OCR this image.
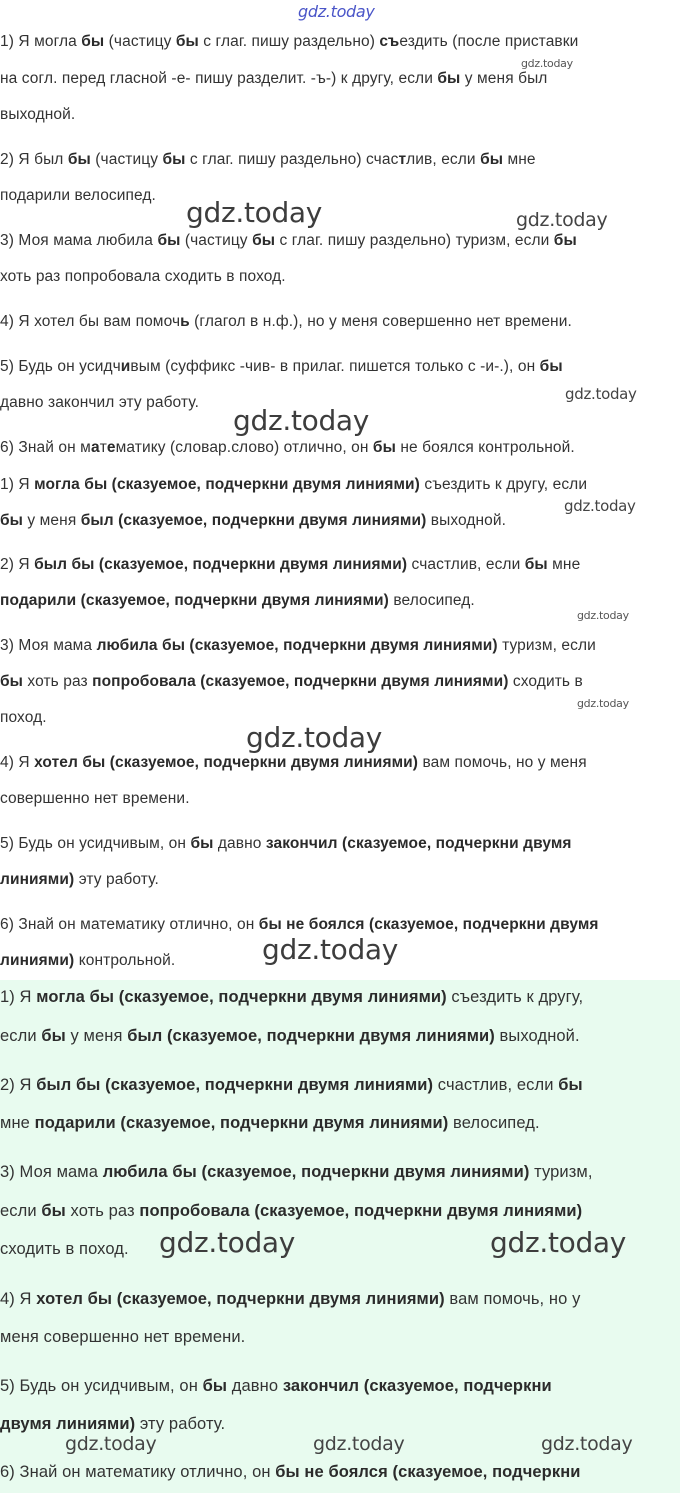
1) Я могла бы (частицу бы с глаг. пишу раздельно) съездить (после приставки

на согл. перед гласной -е- пишу разделит. -ъ-) к другу, если бы у меня был

выходной.

2) Я был бы (частицу бы с глаг. пишу раздельно) счастлив, если бы мне

подарили велосипед.

3) Моя мама любила бы (частицу бы с глаг. пишу раздельно) туризм, если бы

хоть раз попробовала сходить в поход.

4) Я хотел бы вам помочь (глагол в н.ф.), но у меня совершенно нет времени.

5) Будь он усидчивым (суффикс -чив- в прилаг. пишется только с -и-.), он бы

давно закончил эту работу.

6) Знай он математику (словар.слово) отлично, он бы не боялся контрольной.

1) Я могла бы (сказуемое, подчеркни двумя линиями) съездить к другу, если

бы у меня был (сказуемое, подчеркни двумя линиями) выходной.

2) Я был бы (сказуемое, подчеркни двумя линиями) счастлив, если бы мне

подарили (сказуемое, подчеркни двумя линиями) велосипед.

3) Моя мама любила бы (сказуемое, подчеркни двумя линиями) туризм, если

бы хоть раз попробовала (сказуемое, подчеркни двумя линиями) сходить в

поход.

4) Я хотел бы (сказуемое, подчеркни двумя линиями) вам помочь, но у меня

совершенно нет времени.

5) Будь он усидчивым, он бы давно закончил (сказуемое, подчеркни двумя

линиями) эту работу.

6) Знай он математику отлично, он бы не боялся (сказуемое, подчеркни двумя

линиями) контрольной.

1) Я могла бы (сказуемое, подчеркни двумя линиями) съездить к другу,

если бы у меня был (сказуемое, подчеркни двумя линиями) выходной.

2) Я был бы (сказуемое, подчеркни двумя линиями) счастлив, если бы

мне подарили (сказуемое, подчеркни двумя линиями) велосипед.

3) Моя мама любила бы (сказуемое, подчеркни двумя линиями) туризм,

если бы хоть раз попробовала (сказуемое, подчеркни двумя линиями)

сходить в поход.

4) Я хотел бы (сказуемое, подчеркни двумя линиями) вам помочь, но у

меня совершенно нет времени.

5) Будь он усидчивым, он бы давно закончил (сказуемое, подчеркни

двумя линиями) эту работу.

6) Знай он математику отлично, он бы не боялся (сказуемое, подчеркни

gdz.today
gdz.today
gdz.today	gdz.today
gdz.today
gdz.today
gdz.today
gdz.today
gdz.today
gdz.today
gdz.today
gdz.today	gdz.today
gdz.today	gdz.today	gdz.today
